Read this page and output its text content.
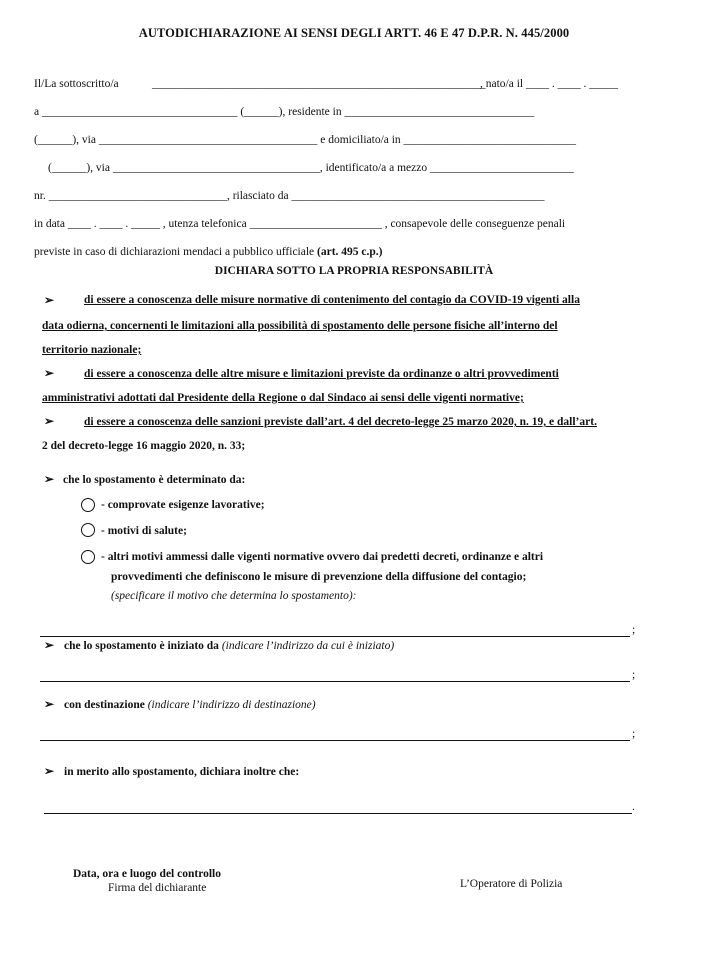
AUTODICHIARAZIONE AI SENSI DEGLI ARTT. 46 E 47 D.P.R. N. 445/2000
Il/La sottoscritto/a	__________________________________________________________
, nato/a il ____ . ____ . _____
a __________________________________ (______), residente in _________________________________
(______), via ______________________________________ e domiciliato/a in ______________________________
(______), via ____________________________________, identificato/a a mezzo _________________________
nr. _______________________________, rilasciato da ____________________________________________
in data ____ . ____ . _____ , utenza telefonica _______________________ , consapevole delle conseguenze penali
previste in caso di dichiarazioni mendaci a pubblico ufficiale (art. 495 c.p.)
DICHIARA SOTTO LA PROPRIA RESPONSABILITÀ
➢	di essere a conoscenza delle misure normative di contenimento del contagio da COVID-19 vigenti alla
data odierna, concernenti le limitazioni alla possibilità di spostamento delle persone fisiche all’interno del
territorio nazionale;
➢	di essere a conoscenza delle altre misure e limitazioni previste da ordinanze o altri provvedimenti
amministrativi adottati dal Presidente della Regione o dal Sindaco ai sensi delle vigenti normative;
➢	di essere a conoscenza delle sanzioni previste dall’art. 4 del decreto-legge 25 marzo 2020, n. 19, e dall’art.
2 del decreto-legge 16 maggio 2020, n. 33;
➢ che lo spostamento è determinato da:
- comprovate esigenze lavorative;
- motivi di salute;
- altri motivi ammessi dalle vigenti normative ovvero dai predetti decreti, ordinanze e altri
provvedimenti che definiscono le misure di prevenzione della diffusione del contagio;
(specificare il motivo che determina lo spostamento):
;
➢ che lo spostamento è iniziato da (indicare l’indirizzo da cui è iniziato)
;
➢ con destinazione (indicare l’indirizzo di destinazione)
;
➢ in merito allo spostamento, dichiara inoltre che:
.
Data, ora e luogo del controllo
Firma del dichiarante	L’Operatore di Polizia
